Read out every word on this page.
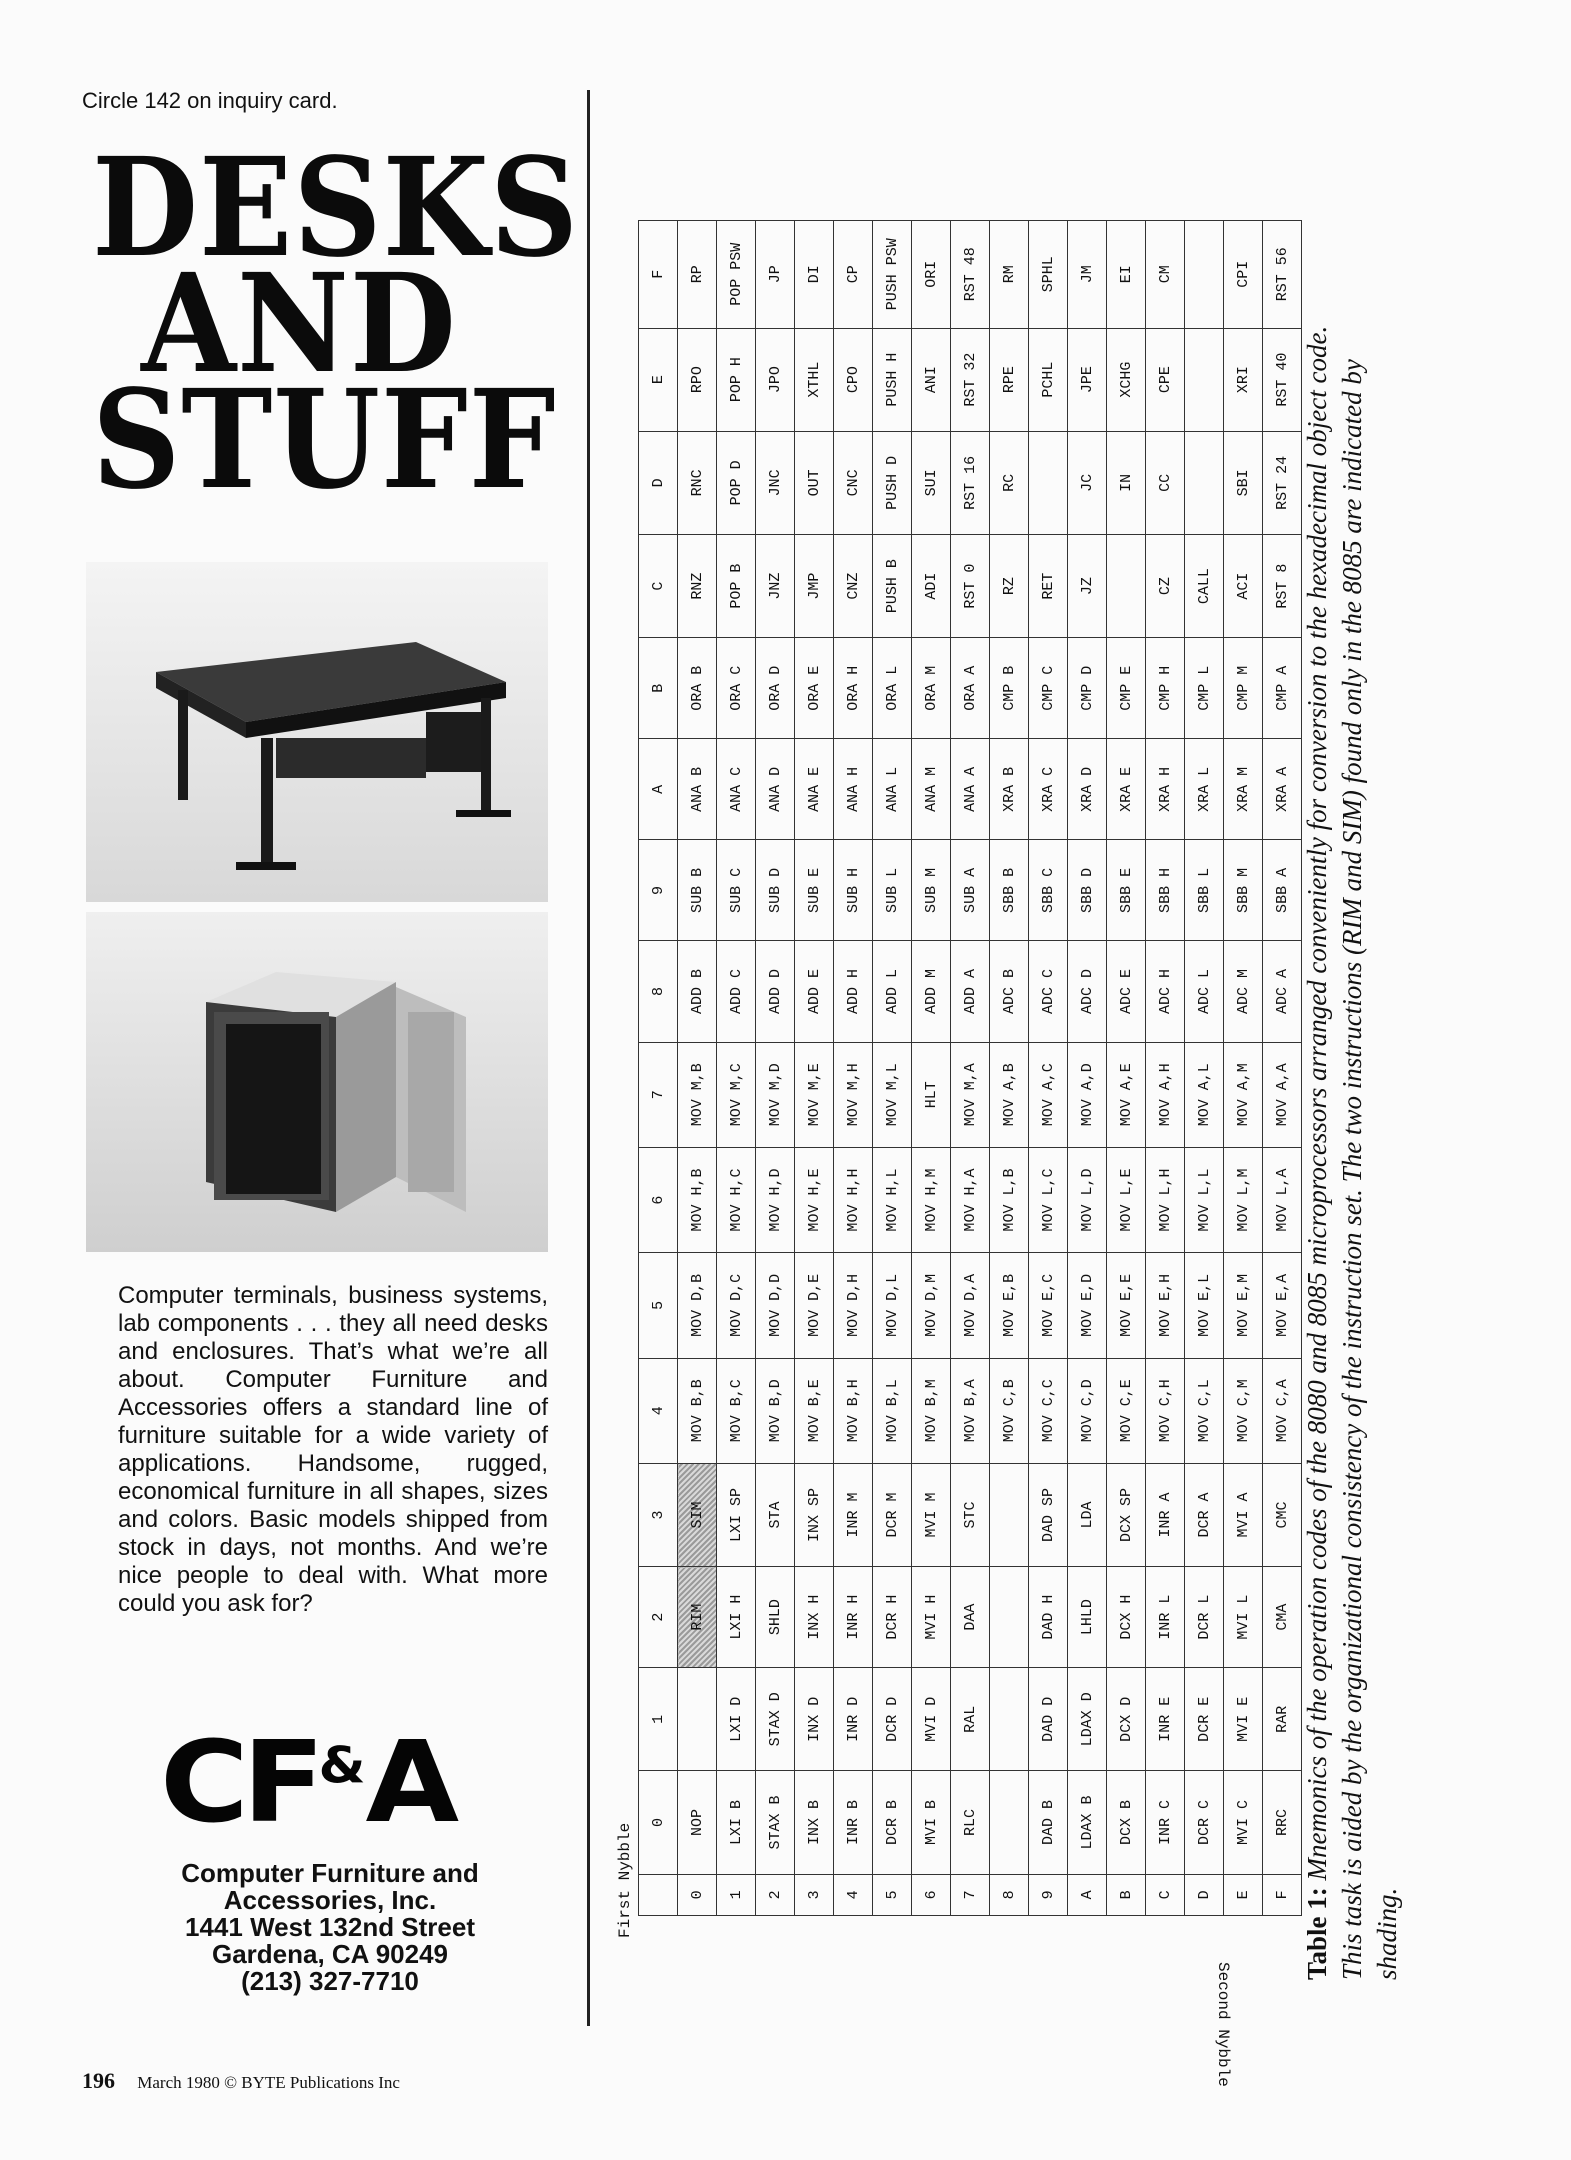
Circle 142 on inquiry card.
DESKS
AND
STUFF
Computer terminals, business systems, lab components . . . they all need desks and enclosures. That’s what we’re all about. Computer Furniture and Accessories offers a standard line of furniture suitable for a wide variety of applications. Handsome, rugged, economical furniture in all shapes, sizes and colors. Basic models shipped from stock in days, not months. And we’re nice people to deal with. What more could you ask for?
CF&A
Computer Furniture and
Accessories, Inc.
1441 West 132nd Street
Gardena, CA 90249
(213) 327-7710
196 March 1980 © BYTE Publications Inc
First Nybble
Second Nybble
	0	1	2	3	4	5	6	7	8	9	A	B	C	D	E	F
0	NOP		RIM	SIM	MOV B,B	MOV D,B	MOV H,B	MOV M,B	ADD B	SUB B	ANA B	ORA B	RNZ	RNC	RPO	RP
1	LXI B	LXI D	LXI H	LXI SP	MOV B,C	MOV D,C	MOV H,C	MOV M,C	ADD C	SUB C	ANA C	ORA C	POP B	POP D	POP H	POP PSW
2	STAX B	STAX D	SHLD	STA	MOV B,D	MOV D,D	MOV H,D	MOV M,D	ADD D	SUB D	ANA D	ORA D	JNZ	JNC	JPO	JP
3	INX B	INX D	INX H	INX SP	MOV B,E	MOV D,E	MOV H,E	MOV M,E	ADD E	SUB E	ANA E	ORA E	JMP	OUT	XTHL	DI
4	INR B	INR D	INR H	INR M	MOV B,H	MOV D,H	MOV H,H	MOV M,H	ADD H	SUB H	ANA H	ORA H	CNZ	CNC	CPO	CP
5	DCR B	DCR D	DCR H	DCR M	MOV B,L	MOV D,L	MOV H,L	MOV M,L	ADD L	SUB L	ANA L	ORA L	PUSH B	PUSH D	PUSH H	PUSH PSW
6	MVI B	MVI D	MVI H	MVI M	MOV B,M	MOV D,M	MOV H,M	HLT	ADD M	SUB M	ANA M	ORA M	ADI	SUI	ANI	ORI
7	RLC	RAL	DAA	STC	MOV B,A	MOV D,A	MOV H,A	MOV M,A	ADD A	SUB A	ANA A	ORA A	RST 0	RST 16	RST 32	RST 48
8					MOV C,B	MOV E,B	MOV L,B	MOV A,B	ADC B	SBB B	XRA B	CMP B	RZ	RC	RPE	RM
9	DAD B	DAD D	DAD H	DAD SP	MOV C,C	MOV E,C	MOV L,C	MOV A,C	ADC C	SBB C	XRA C	CMP C	RET		PCHL	SPHL
A	LDAX B	LDAX D	LHLD	LDA	MOV C,D	MOV E,D	MOV L,D	MOV A,D	ADC D	SBB D	XRA D	CMP D	JZ	JC	JPE	JM
B	DCX B	DCX D	DCX H	DCX SP	MOV C,E	MOV E,E	MOV L,E	MOV A,E	ADC E	SBB E	XRA E	CMP E		IN	XCHG	EI
C	INR C	INR E	INR L	INR A	MOV C,H	MOV E,H	MOV L,H	MOV A,H	ADC H	SBB H	XRA H	CMP H	CZ	CC	CPE	CM
D	DCR C	DCR E	DCR L	DCR A	MOV C,L	MOV E,L	MOV L,L	MOV A,L	ADC L	SBB L	XRA L	CMP L	CALL			
E	MVI C	MVI E	MVI L	MVI A	MOV C,M	MOV E,M	MOV L,M	MOV A,M	ADC M	SBB M	XRA M	CMP M	ACI	SBI	XRI	CPI
F	RRC	RAR	CMA	CMC	MOV C,A	MOV E,A	MOV L,A	MOV A,A	ADC A	SBB A	XRA A	CMP A	RST 8	RST 24	RST 40	RST 56
Table 1: Mnemonics of the operation codes of the 8080 and 8085 microprocessors arranged conveniently for conversion to the hexadecimal object code. This task is aided by the organizational consistency of the instruction set. The two instructions (RIM and SIM) found only in the 8085 are indicated by shading.
